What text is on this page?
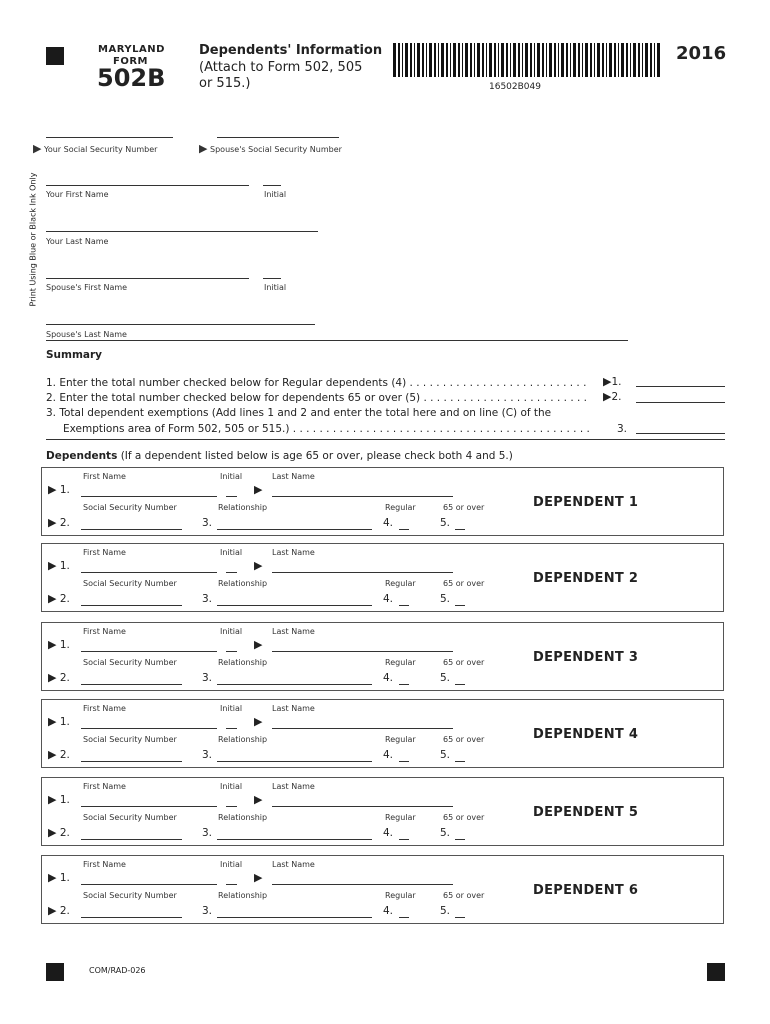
MARYLAND
FORM
502B
Dependents' Information
(Attach to Form 502, 505
or 515.)	16502B049
2016
Print Using Blue or Black Ink Only
▶ Your Social Security Number	▶ Spouse's Social Security Number
Your First Name	Initial
Your Last Name
Spouse's First Name	Initial
Spouse's Last Name
Summary
1. Enter the total number checked below for Regular dependents (4) . . . . . . . . . . . . . . . . . . . . . . . . . . . ▶1.
2. Enter the total number checked below for dependents 65 or over (5) . . . . . . . . . . . . . . . . . . . . . . . . . ▶2.
3. Total dependent exemptions (Add lines 1 and 2 and enter the total here and on line (C) of the
Exemptions area of Form 502, 505 or 515.) . . . . . . . . . . . . . . . . . . . . . . . . . . . . . . . . . . . . . . . . . . . . .	3.
Dependents (If a dependent listed below is age 65 or over, please check both 4 and 5.)
First Name	Initial	Last Name
▶ 1.	▶
Social Security Number	Relationship	Regular	65 or over
▶ 2.	3.	4.	5.
DEPENDENT 1
First Name	Initial	Last Name
▶ 1.	▶
Social Security Number	Relationship	Regular	65 or over
▶ 2.	3.	4.	5.
DEPENDENT 2
First Name	Initial	Last Name
▶ 1.	▶
Social Security Number	Relationship	Regular	65 or over
▶ 2.	3.	4.	5.
DEPENDENT 3
First Name	Initial	Last Name
▶ 1.	▶
Social Security Number	Relationship	Regular	65 or over
▶ 2.	3.	4.	5.
DEPENDENT 4
First Name	Initial	Last Name
▶ 1.	▶
Social Security Number	Relationship	Regular	65 or over
▶ 2.	3.	4.	5.
DEPENDENT 5
First Name	Initial	Last Name
▶ 1.	▶
Social Security Number	Relationship	Regular	65 or over
▶ 2.	3.	4.	5.
DEPENDENT 6
COM/RAD-026
